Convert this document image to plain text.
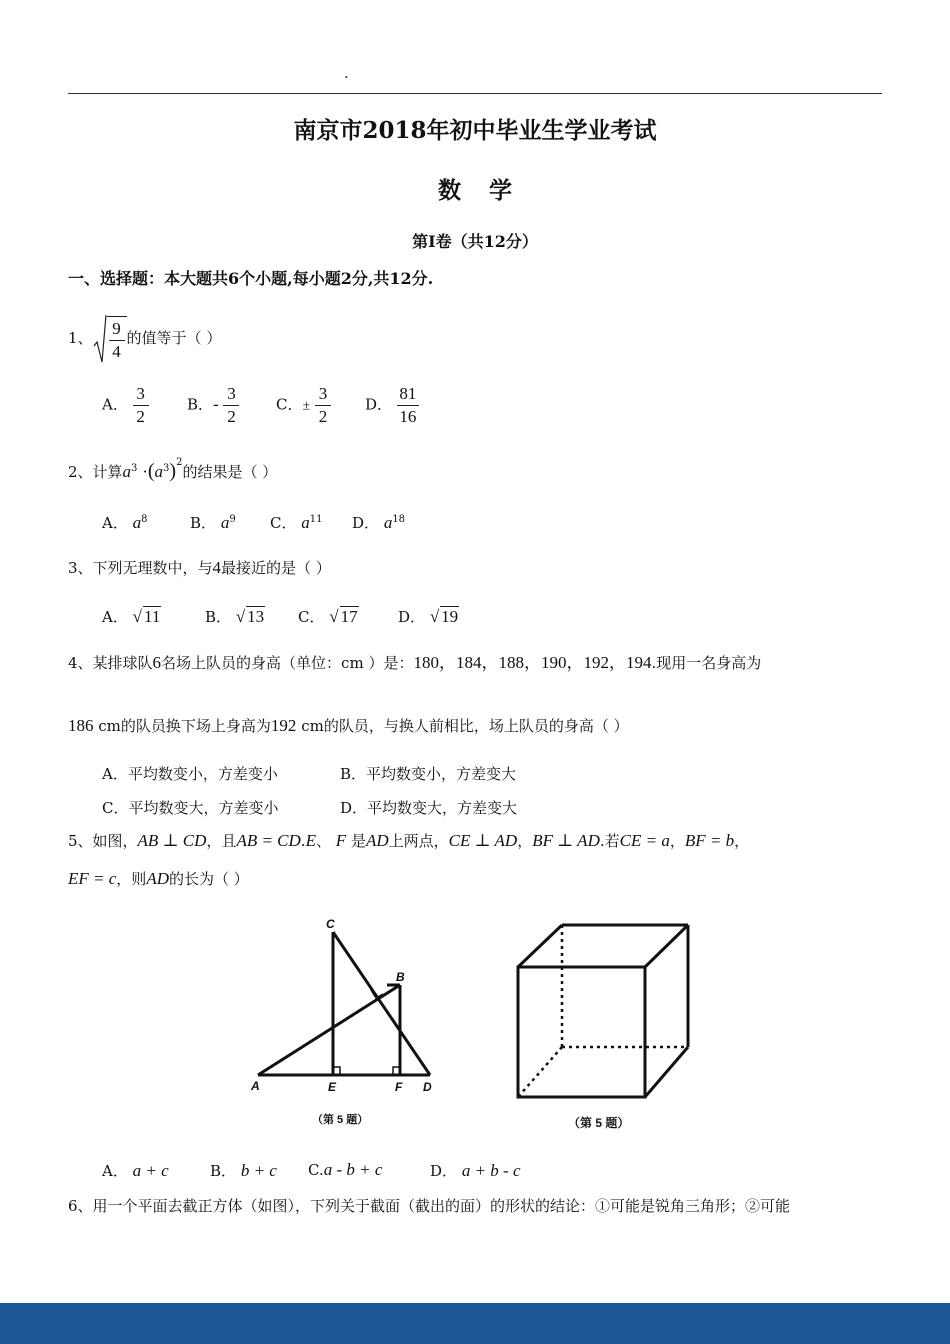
.
南京市2018年初中毕业生学业考试
数学
第Ⅰ卷（共12分）
一、选择题：本大题共6个小题,每小题2分,共12分.
1、 $\frac{9}{4}$ 的值等于（ ）
A． $\frac{3}{2}$	B．- $\frac{3}{2}$ C．± $\frac{3}{2}$ D． $\frac{81}{16}$
2、计算$a^3 \cdot(a^3)^2$的结果是（ ）
A． $a^8$	B． $a^9$ C． $a^{11}$ D． $a^{18}$
3、下列无理数中，与4最接近的是（ ）
A． √ 11	B． √ 13 C． √ 17	D． √ 19
4、某排球队6名场上队员的身高（单位：cm ）是：180，184，188，190，192，194.现用一名身高为
186 cm的队员换下场上身高为192 cm的队员，与换人前相比，场上队员的身高（ ）
A．平均数变小，方差变小	B．平均数变小，方差变大
C．平均数变大，方差变小	D．平均数变大，方差变大
5、如图，AB ⊥ CD，且AB = CD.E、 F 是AD上两点，CE ⊥ AD，BF ⊥ AD.若CE = a，BF = b，
EF = c，则AD的长为（ ）
C
B
A	E	F D
（第 5 题）	（第 5 题）
A． a + c	B． b + c C.a - b + c	D． a + b - c
6、用一个平面去截正方体（如图），下列关于截面（截出的面）的形状的结论：①可能是锐角三角形；②可能
